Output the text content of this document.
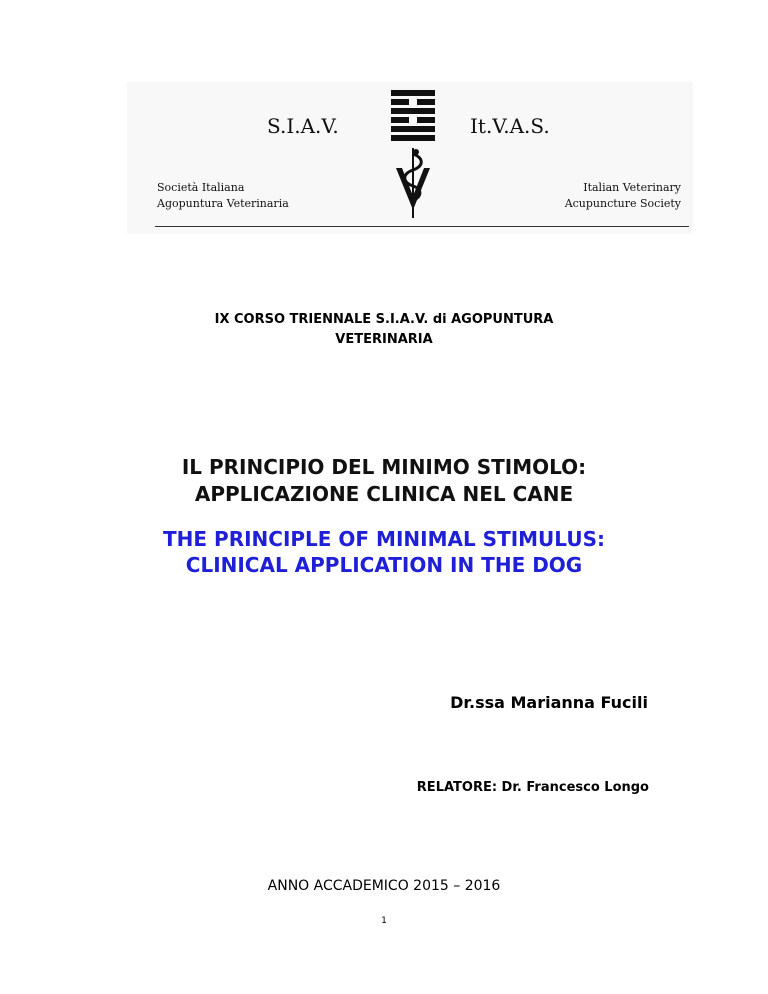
S.I.A.V.	It.V.A.S.
Società Italiana
Agopuntura Veterinaria
Italian Veterinary
Acupuncture Society
IX CORSO TRIENNALE S.I.A.V. di AGOPUNTURA
VETERINARIA
IL PRINCIPIO DEL MINIMO STIMOLO:
APPLICAZIONE CLINICA NEL CANE
THE PRINCIPLE OF MINIMAL STIMULUS:
CLINICAL APPLICATION IN THE DOG
Dr.ssa Marianna Fucili
RELATORE: Dr. Francesco Longo
ANNO ACCADEMICO 2015 – 2016
1
